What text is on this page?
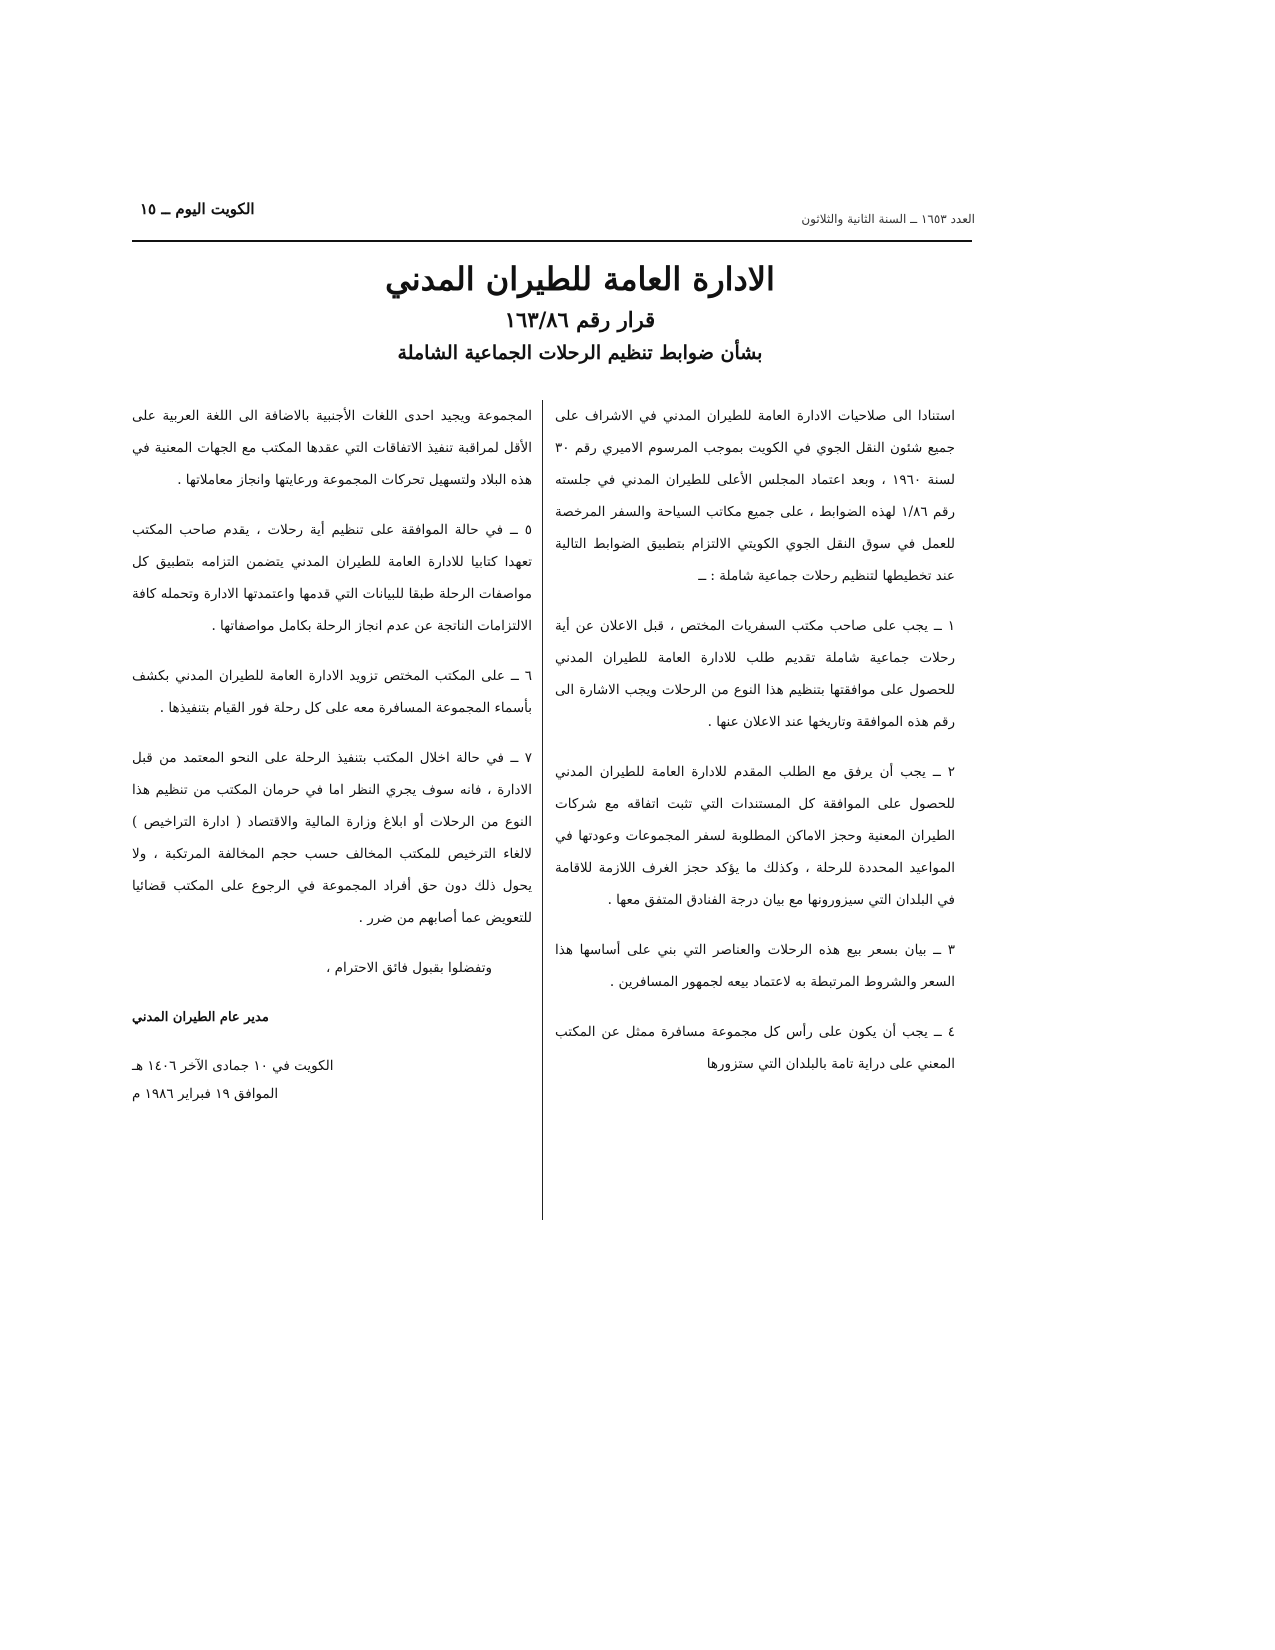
الكويت اليوم ــ ١٥
العدد ١٦٥٣ ــ السنة الثانية والثلاثون
الادارة العامة للطيران المدني
قرار رقم ١٦٣/٨٦
بشأن ضوابط تنظيم الرحلات الجماعية الشاملة

استنادا الى صلاحيات الادارة العامة للطيران المدني في الاشراف على جميع شئون النقل الجوي في الكويت بموجب المرسوم الاميري رقم ٣٠ لسنة ١٩٦٠ ، وبعد اعتماد المجلس الأعلى للطيران المدني في جلسته رقم ١/٨٦ لهذه الضوابط ، على جميع مكاتب السياحة والسفر المرخصة للعمل في سوق النقل الجوي الكويتي الالتزام بتطبيق الضوابط التالية عند تخطيطها لتنظيم رحلات جماعية شاملة : ــ

١ ــ يجب على صاحب مكتب السفريات المختص ، قبل الاعلان عن أية رحلات جماعية شاملة تقديم طلب للادارة العامة للطيران المدني للحصول على موافقتها بتنظيم هذا النوع من الرحلات ويجب الاشارة الى رقم هذه الموافقة وتاريخها عند الاعلان عنها .

٢ ــ يجب أن يرفق مع الطلب المقدم للادارة العامة للطيران المدني للحصول على الموافقة كل المستندات التي تثبت اتفاقه مع شركات الطيران المعنية وحجز الاماكن المطلوبة لسفر المجموعات وعودتها في المواعيد المحددة للرحلة ، وكذلك ما يؤكد حجز الغرف اللازمة للاقامة في البلدان التي سيزورونها مع بيان درجة الفنادق المتفق معها .

٣ ــ بيان بسعر بيع هذه الرحلات والعناصر التي بني على أساسها هذا السعر والشروط المرتبطة به لاعتماد بيعه لجمهور المسافرين .

٤ ــ يجب أن يكون على رأس كل مجموعة مسافرة ممثل عن المكتب المعني على دراية تامة بالبلدان التي ستزورها

المجموعة ويجيد احدى اللغات الأجنبية بالاضافة الى اللغة العربية على الأقل لمراقبة تنفيذ الاتفاقات التي عقدها المكتب مع الجهات المعنية في هذه البلاد ولتسهيل تحركات المجموعة ورعايتها وانجاز معاملاتها .

٥ ــ في حالة الموافقة على تنظيم أية رحلات ، يقدم صاحب المكتب تعهدا كتابيا للادارة العامة للطيران المدني يتضمن التزامه بتطبيق كل مواصفات الرحلة طبقا للبيانات التي قدمها واعتمدتها الادارة وتحمله كافة الالتزامات الناتجة عن عدم انجاز الرحلة بكامل مواصفاتها .

٦ ــ على المكتب المختص تزويد الادارة العامة للطيران المدني بكشف بأسماء المجموعة المسافرة معه على كل رحلة فور القيام بتنفيذها .

٧ ــ في حالة اخلال المكتب بتنفيذ الرحلة على النحو المعتمد من قبل الادارة ، فانه سوف يجري النظر اما في حرمان المكتب من تنظيم هذا النوع من الرحلات أو ابلاغ وزارة المالية والاقتصاد ( ادارة التراخيص ) لالغاء الترخيص للمكتب المخالف حسب حجم المخالفة المرتكبة ، ولا يحول ذلك دون حق أفراد المجموعة في الرجوع على المكتب قضائيا للتعويض عما أصابهم من ضرر .

وتفضلوا بقبول فائق الاحترام ،

مدير عام الطيران المدني

الكويت في ١٠ جمادى الآخر ١٤٠٦ هـ

الموافق ١٩ فبراير ١٩٨٦ م
